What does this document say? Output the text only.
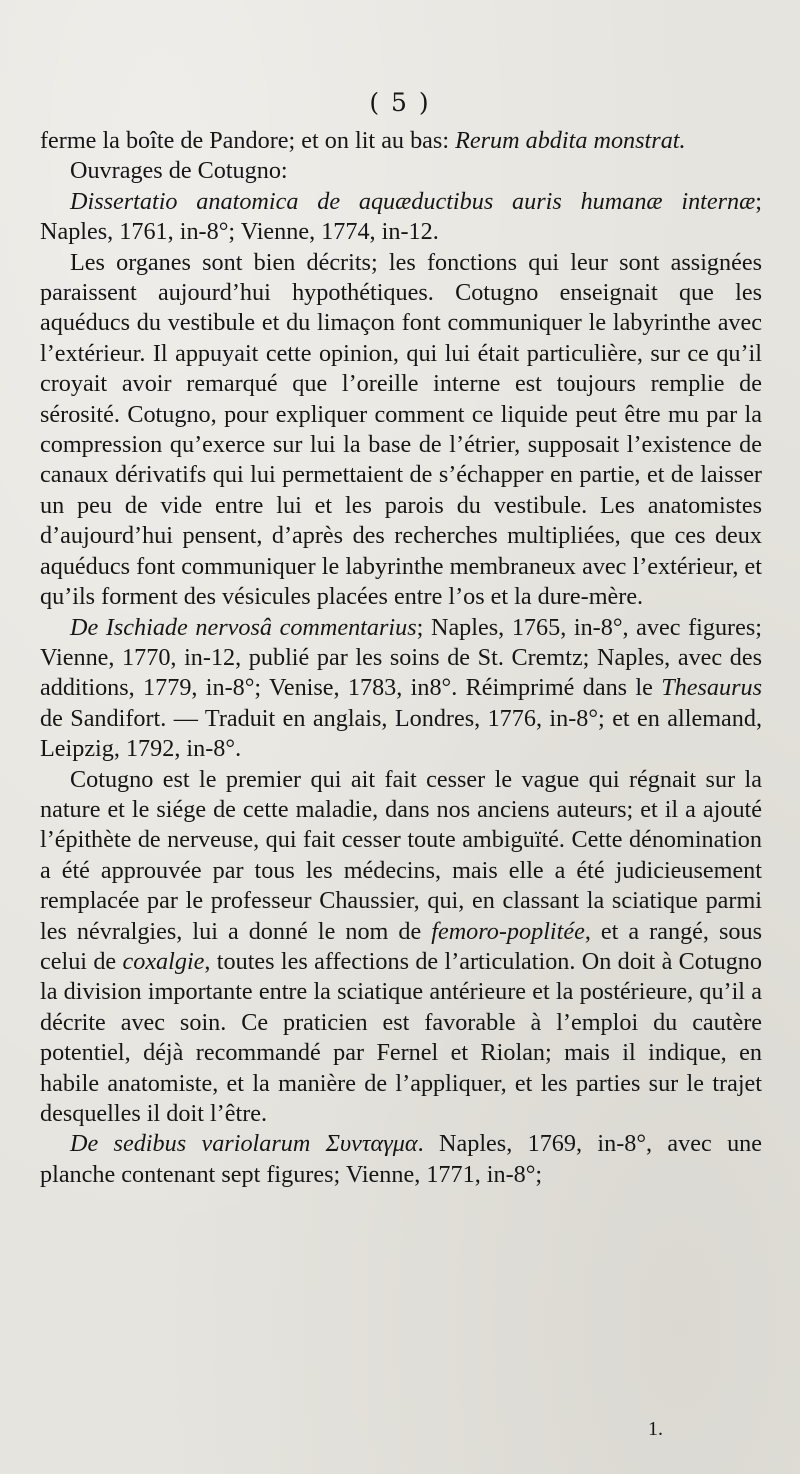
( 5 )

ferme la boîte de Pandore; et on lit au bas: Rerum abdita monstrat.

Ouvrages de Cotugno:

Dissertatio anatomica de aquæductibus auris humanæ internæ; Naples, 1761, in-8°; Vienne, 1774, in-12.

Les organes sont bien décrits; les fonctions qui leur sont assignées paraissent aujourd’hui hypothétiques. Cotugno enseignait que les aquéducs du vestibule et du limaçon font communiquer le labyrinthe avec l’extérieur. Il appuyait cette opinion, qui lui était particulière, sur ce qu’il croyait avoir remarqué que l’oreille interne est toujours remplie de sérosité. Cotugno, pour expliquer comment ce liquide peut être mu par la compression qu’exerce sur lui la base de l’étrier, supposait l’existence de canaux dérivatifs qui lui permettaient de s’échapper en partie, et de laisser un peu de vide entre lui et les parois du vestibule. Les anatomistes d’aujourd’hui pensent, d’après des recherches multipliées, que ces deux aquéducs font communiquer le labyrinthe membraneux avec l’extérieur, et qu’ils forment des vésicules placées entre l’os et la dure-mère.

De Ischiade nervosâ commentarius; Naples, 1765, in-8°, avec figures; Vienne, 1770, in-12, publié par les soins de St. Cremtz; Naples, avec des additions, 1779, in-8°; Venise, 1783, in8°. Réimprimé dans le Thesaurus de Sandifort. — Traduit en anglais, Londres, 1776, in-8°; et en allemand, Leipzig, 1792, in-8°.

Cotugno est le premier qui ait fait cesser le vague qui régnait sur la nature et le siége de cette maladie, dans nos anciens auteurs; et il a ajouté l’épithète de nerveuse, qui fait cesser toute ambiguïté. Cette dénomination a été approuvée par tous les médecins, mais elle a été judicieusement remplacée par le professeur Chaussier, qui, en classant la sciatique parmi les névralgies, lui a donné le nom de femoro-poplitée, et a rangé, sous celui de coxalgie, toutes les affections de l’articulation. On doit à Cotugno la division importante entre la sciatique antérieure et la postérieure, qu’il a décrite avec soin. Ce praticien est favorable à l’emploi du cautère potentiel, déjà recommandé par Fernel et Riolan; mais il indique, en habile anatomiste, et la manière de l’appliquer, et les parties sur le trajet desquelles il doit l’être.

De sedibus variolarum Συνταγμα. Naples, 1769, in-8°, avec une planche contenant sept figures; Vienne, 1771, in-8°;

1.
